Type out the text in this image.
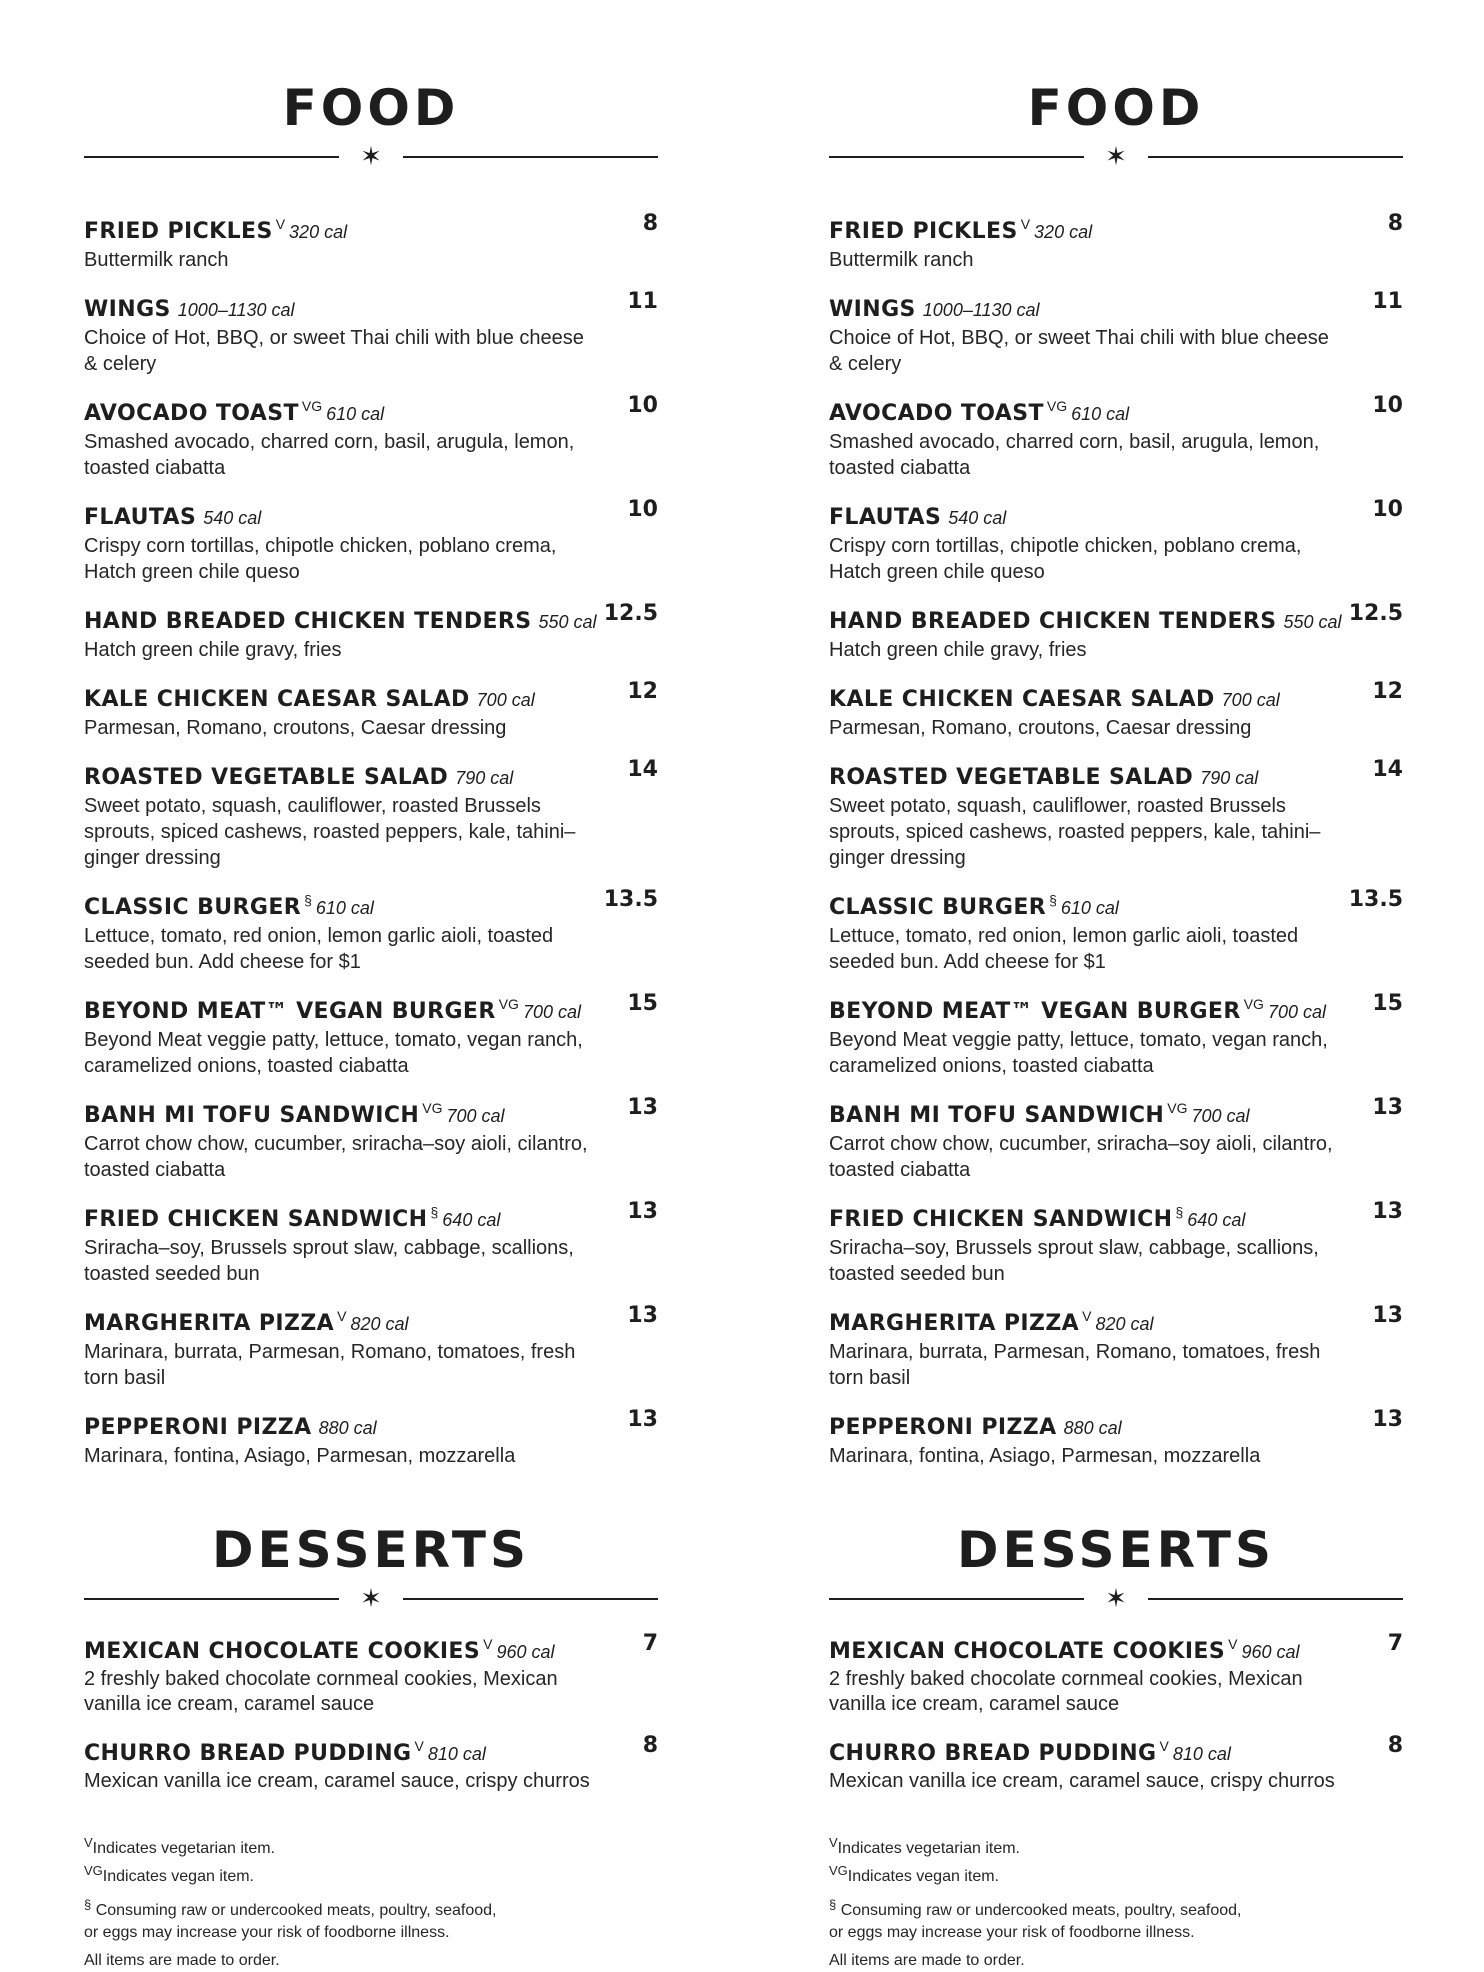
FOOD
✶
FRIED PICKLES $^V$ 320 cal	8
Buttermilk ranch
WINGS 1000–1130 cal	11
Choice of Hot, BBQ, or sweet Thai chili with blue cheese & celery
AVOCADO TOAST $^{VG}$ 610 cal	10
Smashed avocado, charred corn, basil, arugula, lemon, toasted ciabatta
FLAUTAS 540 cal	10
Crispy corn tortillas, chipotle chicken, poblano crema, Hatch green chile queso
HAND BREADED CHICKEN TENDERS 550 cal 12.5
Hatch green chile gravy, fries
KALE CHICKEN CAESAR SALAD 700 cal	12
Parmesan, Romano, croutons, Caesar dressing
ROASTED VEGETABLE SALAD 790 cal	14
Sweet potato, squash, cauliflower, roasted Brussels sprouts, spiced cashews, roasted peppers, kale, tahini–ginger dressing
CLASSIC BURGER § 610 cal	13.5
Lettuce, tomato, red onion, lemon garlic aioli, toasted seeded bun. Add cheese for $1
BEYOND MEAT™ VEGAN BURGER $^{VG}$ 700 cal	15
Beyond Meat veggie patty, lettuce, tomato, vegan ranch, caramelized onions, toasted ciabatta
BANH MI TOFU SANDWICH $^{VG}$ 700 cal	13
Carrot chow chow, cucumber, sriracha–soy aioli, cilantro, toasted ciabatta
FRIED CHICKEN SANDWICH § 640 cal	13
Sriracha–soy, Brussels sprout slaw, cabbage, scallions, toasted seeded bun
MARGHERITA PIZZA $^V$ 820 cal	13
Marinara, burrata, Parmesan, Romano, tomatoes, fresh torn basil
PEPPERONI PIZZA 880 cal	13
Marinara, fontina, Asiago, Parmesan, mozzarella
DESSERTS
✶
MEXICAN CHOCOLATE COOKIES $^V$ 960 cal	7
2 freshly baked chocolate cornmeal cookies, Mexican vanilla ice cream, caramel sauce
CHURRO BREAD PUDDING $^V$ 810 cal	8
Mexican vanilla ice cream, caramel sauce, crispy churros
$^V$Indicates vegetarian item.
$^{VG}$Indicates vegan item.
§ Consuming raw or undercooked meats, poultry, seafood,
or eggs may increase your risk of foodborne illness.
All items are made to order.
FOOD
✶
FRIED PICKLES $^V$ 320 cal	8
Buttermilk ranch
WINGS 1000–1130 cal	11
Choice of Hot, BBQ, or sweet Thai chili with blue cheese & celery
AVOCADO TOAST $^{VG}$ 610 cal	10
Smashed avocado, charred corn, basil, arugula, lemon, toasted ciabatta
FLAUTAS 540 cal	10
Crispy corn tortillas, chipotle chicken, poblano crema, Hatch green chile queso
HAND BREADED CHICKEN TENDERS 550 cal 12.5
Hatch green chile gravy, fries
KALE CHICKEN CAESAR SALAD 700 cal	12
Parmesan, Romano, croutons, Caesar dressing
ROASTED VEGETABLE SALAD 790 cal	14
Sweet potato, squash, cauliflower, roasted Brussels sprouts, spiced cashews, roasted peppers, kale, tahini–ginger dressing
CLASSIC BURGER § 610 cal	13.5
Lettuce, tomato, red onion, lemon garlic aioli, toasted seeded bun. Add cheese for $1
BEYOND MEAT™ VEGAN BURGER $^{VG}$ 700 cal	15
Beyond Meat veggie patty, lettuce, tomato, vegan ranch, caramelized onions, toasted ciabatta
BANH MI TOFU SANDWICH $^{VG}$ 700 cal	13
Carrot chow chow, cucumber, sriracha–soy aioli, cilantro, toasted ciabatta
FRIED CHICKEN SANDWICH § 640 cal	13
Sriracha–soy, Brussels sprout slaw, cabbage, scallions, toasted seeded bun
MARGHERITA PIZZA $^V$ 820 cal	13
Marinara, burrata, Parmesan, Romano, tomatoes, fresh torn basil
PEPPERONI PIZZA 880 cal	13
Marinara, fontina, Asiago, Parmesan, mozzarella
DESSERTS
✶
MEXICAN CHOCOLATE COOKIES $^V$ 960 cal	7
2 freshly baked chocolate cornmeal cookies, Mexican vanilla ice cream, caramel sauce
CHURRO BREAD PUDDING $^V$ 810 cal	8
Mexican vanilla ice cream, caramel sauce, crispy churros
$^V$Indicates vegetarian item.
$^{VG}$Indicates vegan item.
§ Consuming raw or undercooked meats, poultry, seafood,
or eggs may increase your risk of foodborne illness.
All items are made to order.
